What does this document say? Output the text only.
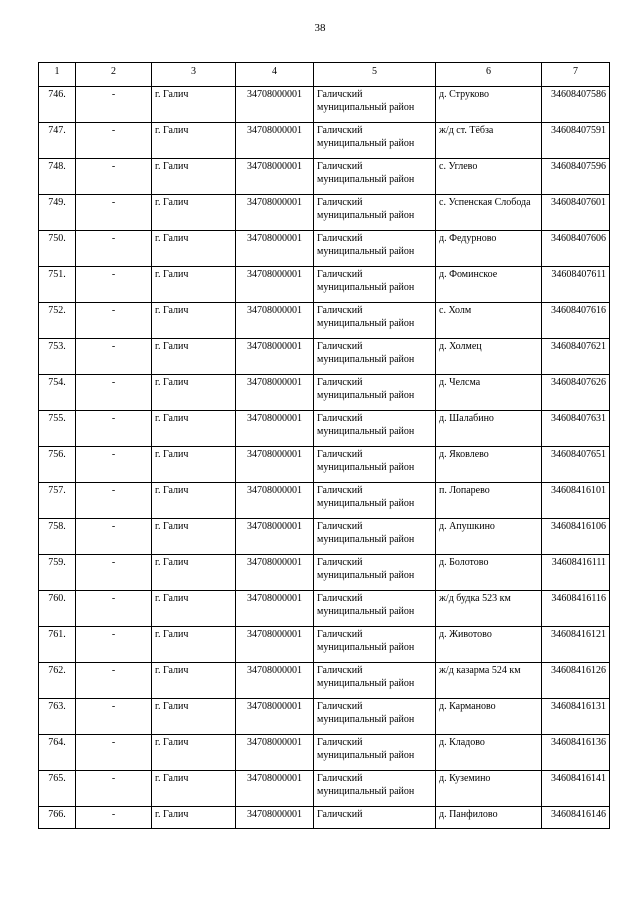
38
1	2	3	4	5	6	7
746.	-	г. Галич	34708000001	Галичский муниципальный район	д. Струково	34608407586
747.	-	г. Галич	34708000001	Галичский муниципальный район	ж/д ст. Тёбза	34608407591
748.	-	г. Галич	34708000001	Галичский муниципальный район	с. Углево	34608407596
749.	-	г. Галич	34708000001	Галичский муниципальный район	с. Успенская Слобода	34608407601
750.	-	г. Галич	34708000001	Галичский муниципальный район	д. Федурново	34608407606
751.	-	г. Галич	34708000001	Галичский муниципальный район	д. Фоминское	34608407611
752.	-	г. Галич	34708000001	Галичский муниципальный район	с. Холм	34608407616
753.	-	г. Галич	34708000001	Галичский муниципальный район	д. Холмец	34608407621
754.	-	г. Галич	34708000001	Галичский муниципальный район	д. Челсма	34608407626
755.	-	г. Галич	34708000001	Галичский муниципальный район	д. Шалабино	34608407631
756.	-	г. Галич	34708000001	Галичский муниципальный район	д. Яковлево	34608407651
757.	-	г. Галич	34708000001	Галичский муниципальный район	п. Лопарево	34608416101
758.	-	г. Галич	34708000001	Галичский муниципальный район	д. Апушкино	34608416106
759.	-	г. Галич	34708000001	Галичский муниципальный район	д. Болотово	34608416111
760.	-	г. Галич	34708000001	Галичский муниципальный район	ж/д будка 523 км	34608416116
761.	-	г. Галич	34708000001	Галичский муниципальный район	д. Животово	34608416121
762.	-	г. Галич	34708000001	Галичский муниципальный район	ж/д казарма 524 км	34608416126
763.	-	г. Галич	34708000001	Галичский муниципальный район	д. Карманово	34608416131
764.	-	г. Галич	34708000001	Галичский муниципальный район	д. Кладово	34608416136
765.	-	г. Галич	34708000001	Галичский муниципальный район	д. Куземино	34608416141
766.	-	г. Галич	34708000001	Галичский	д. Панфилово	34608416146
